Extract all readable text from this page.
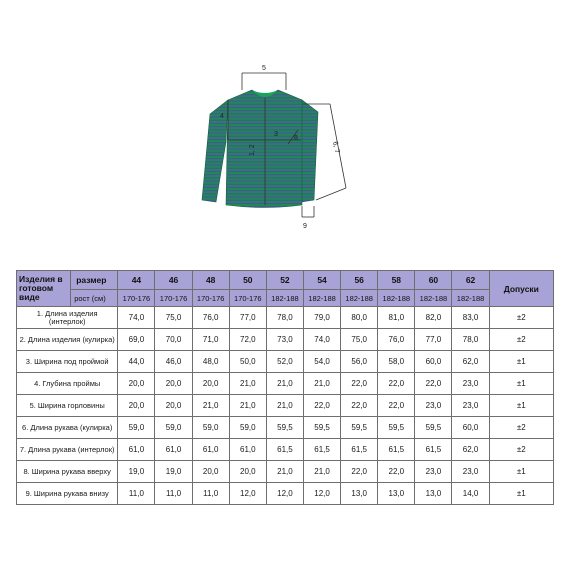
5
1, 2
3
4
8
6, 7
9
Изделия в готовом виде	размер	44	46	48	50	52	54	56	58	60	62	Допуски
	рост (см)	170-176	170-176	170-176	170-176	182-188	182-188	182-188	182-188	182-188	182-188	
1. Длина изделия (интерлок)		74,0	75,0	76,0	77,0	78,0	79,0	80,0	81,0	82,0	83,0	±2
2. Длина изделия (кулирка)		69,0	70,0	71,0	72,0	73,0	74,0	75,0	76,0	77,0	78,0	±2
3. Ширина под проймой		44,0	46,0	48,0	50,0	52,0	54,0	56,0	58,0	60,0	62,0	±1
4. Глубина проймы		20,0	20,0	20,0	21,0	21,0	21,0	22,0	22,0	22,0	23,0	±1
5. Ширина горловины		20,0	20,0	21,0	21,0	21,0	22,0	22,0	22,0	23,0	23,0	±1
6. Длина рукава (кулирка)		59,0	59,0	59,0	59,0	59,5	59,5	59,5	59,5	59,5	60,0	±2
7. Длина рукава (интерлок)		61,0	61,0	61,0	61,0	61,5	61,5	61,5	61,5	61,5	62,0	±2
8. Ширина рукава вверху		19,0	19,0	20,0	20,0	21,0	21,0	22,0	22,0	23,0	23,0	±1
9. Ширина рукава внизу		11,0	11,0	11,0	12,0	12,0	12,0	13,0	13,0	13,0	14,0	±1
